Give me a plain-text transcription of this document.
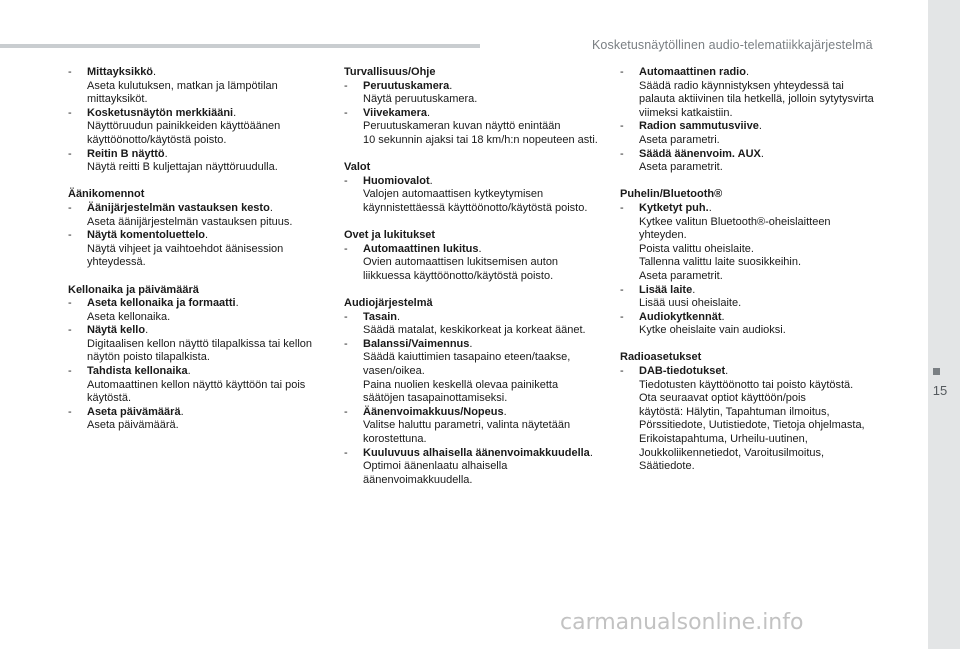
Kosketusnäytöllinen audio-telematiikkajärjestelmä
- Mittayksikkö.
Aseta kulutuksen, matkan ja lämpötilan
mittayksiköt.
- Kosketusnäytön merkkiääni.
Näyttöruudun painikkeiden käyttöäänen
käyttöönotto/käytöstä poisto.
- Reitin B näyttö.
Näytä reitti B kuljettajan näyttöruudulla.
Äänikomennot
- Äänijärjestelmän vastauksen kesto.
Aseta äänijärjestelmän vastauksen pituus.
- Näytä komentoluettelo.
Näytä vihjeet ja vaihtoehdot äänisession
yhteydessä.
Kellonaika ja päivämäärä
- Aseta kellonaika ja formaatti.
Aseta kellonaika.
- Näytä kello.
Digitaalisen kellon näyttö tilapalkissa tai kellon
näytön poisto tilapalkista.
- Tahdista kellonaika.
Automaattinen kellon näyttö käyttöön tai pois
käytöstä.
- Aseta päivämäärä.
Aseta päivämäärä.
Turvallisuus/Ohje
- Peruutuskamera.
Näytä peruutuskamera.
- Viivekamera.
Peruutuskameran kuvan näyttö enintään
10 sekunnin ajaksi tai 18 km/h:n nopeuteen asti.
Valot
- Huomiovalot.
Valojen automaattisen kytkeytymisen
käynnistettäessä käyttöönotto/käytöstä poisto.
Ovet ja lukitukset
- Automaattinen lukitus.
Ovien automaattisen lukitsemisen auton
liikkuessa käyttöönotto/käytöstä poisto.
Audiojärjestelmä
- Tasain.
Säädä matalat, keskikorkeat ja korkeat äänet.
- Balanssi/Vaimennus.
Säädä kaiuttimien tasapaino eteen/taakse,
vasen/oikea.
Paina nuolien keskellä olevaa painiketta
säätöjen tasapainottamiseksi.
- Äänenvoimakkuus/Nopeus.
Valitse haluttu parametri, valinta näytetään
korostettuna.
- Kuuluvuus alhaisella äänenvoimakkuudella.
Optimoi äänenlaatu alhaisella
äänenvoimakkuudella.
- Automaattinen radio.
Säädä radio käynnistyksen yhteydessä tai
palauta aktiivinen tila hetkellä, jolloin sytytysvirta
viimeksi katkaistiin.
- Radion sammutusviive.
Aseta parametri.
- Säädä äänenvoim. AUX.
Aseta parametrit.
Puhelin/Bluetooth®
- Kytketyt puh..
Kytkee valitun Bluetooth®-oheislaitteen
yhteyden.
Poista valittu oheislaite.
Tallenna valittu laite suosikkeihin.
Aseta parametrit.
- Lisää laite.
Lisää uusi oheislaite.
- Audiokytkennät.
Kytke oheislaite vain audioksi.
Radioasetukset
- DAB-tiedotukset.
Tiedotusten käyttöönotto tai poisto käytöstä.
Ota seuraavat optiot käyttöön/pois
käytöstä: Hälytin, Tapahtuman ilmoitus,
Pörssitiedote, Uutistiedote, Tietoja ohjelmasta,
Erikoistapahtuma, Urheilu-uutinen,
Joukkoliikennetiedot, Varoitusilmoitus,
Säätiedote.
15
carmanualsonline.info
